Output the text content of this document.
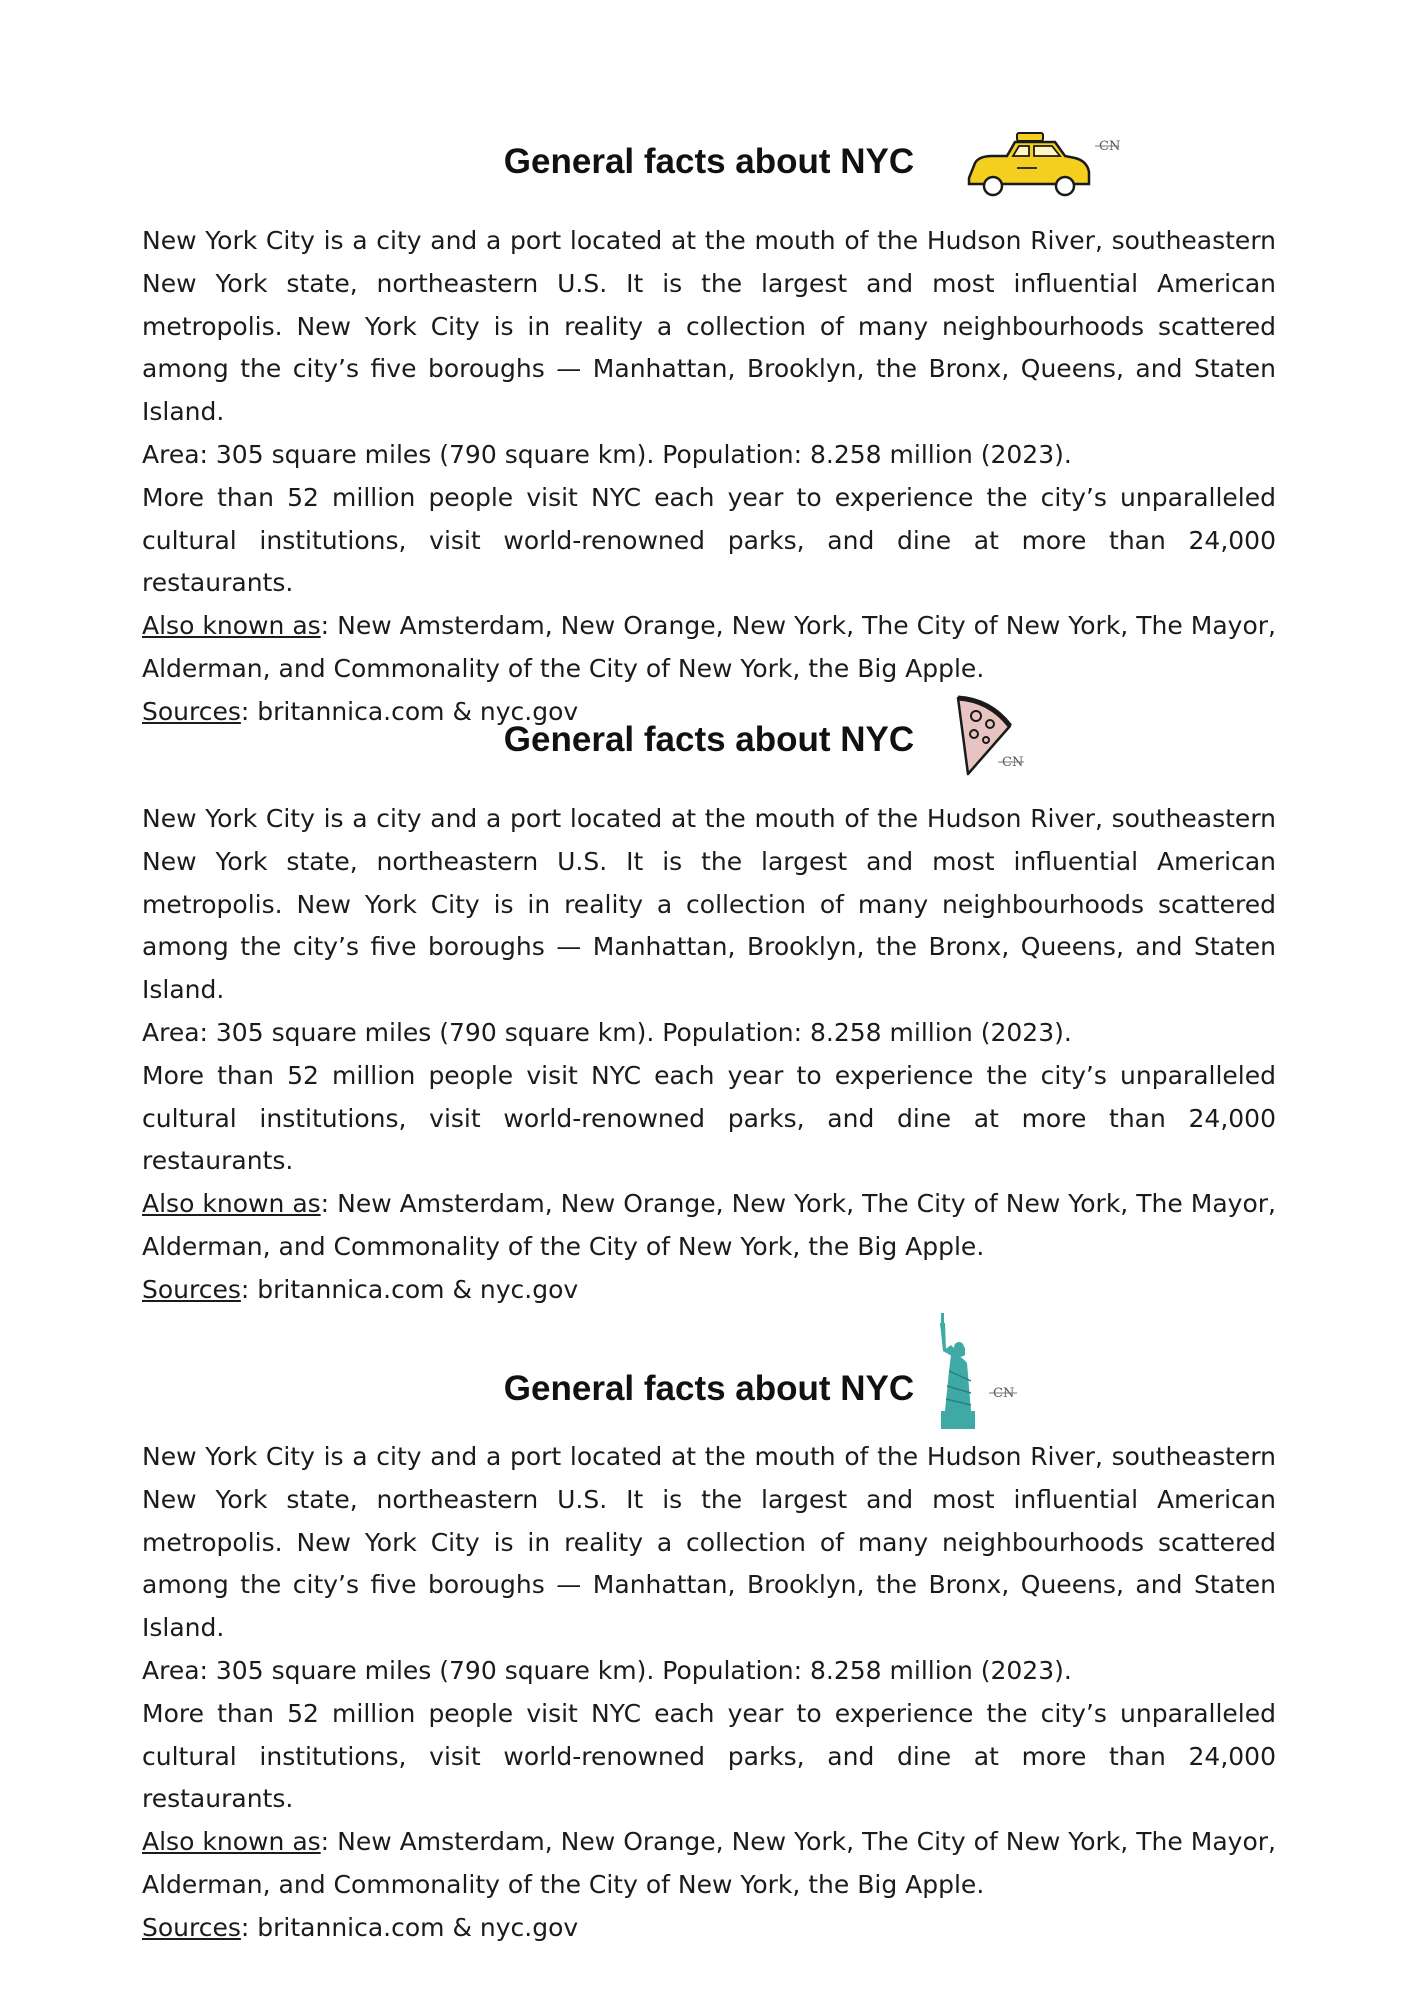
General facts about NYC	CN

New York City is a city and a port located at the mouth of the Hudson River, southeastern New York state, northeastern U.S. It is the largest and most influential American metropolis. New York City is in reality a collection of many neighbourhoods scattered among the city’s five boroughs — Manhattan, Brooklyn, the Bronx, Queens, and Staten Island.

Area: 305 square miles (790 square km). Population: 8.258 million (2023).

More than 52 million people visit NYC each year to experience the city’s unparalleled cultural institutions, visit world-renowned parks, and dine at more than 24,000 restaurants.

Also known as: New Amsterdam, New Orange, New York, The City of New York, The Mayor, Alderman, and Commonality of the City of New York, the Big Apple.

Sources: britannica.com & nyc.gov

General facts about NYC
CN

New York City is a city and a port located at the mouth of the Hudson River, southeastern New York state, northeastern U.S. It is the largest and most influential American metropolis. New York City is in reality a collection of many neighbourhoods scattered among the city’s five boroughs — Manhattan, Brooklyn, the Bronx, Queens, and Staten Island.

Area: 305 square miles (790 square km). Population: 8.258 million (2023).

More than 52 million people visit NYC each year to experience the city’s unparalleled cultural institutions, visit world-renowned parks, and dine at more than 24,000 restaurants.

Also known as: New Amsterdam, New Orange, New York, The City of New York, The Mayor, Alderman, and Commonality of the City of New York, the Big Apple.

Sources: britannica.com & nyc.gov

General facts about NYC	CN

New York City is a city and a port located at the mouth of the Hudson River, southeastern New York state, northeastern U.S. It is the largest and most influential American metropolis. New York City is in reality a collection of many neighbourhoods scattered among the city’s five boroughs — Manhattan, Brooklyn, the Bronx, Queens, and Staten Island.

Area: 305 square miles (790 square km). Population: 8.258 million (2023).

More than 52 million people visit NYC each year to experience the city’s unparalleled cultural institutions, visit world-renowned parks, and dine at more than 24,000 restaurants.

Also known as: New Amsterdam, New Orange, New York, The City of New York, The Mayor, Alderman, and Commonality of the City of New York, the Big Apple.

Sources: britannica.com & nyc.gov
